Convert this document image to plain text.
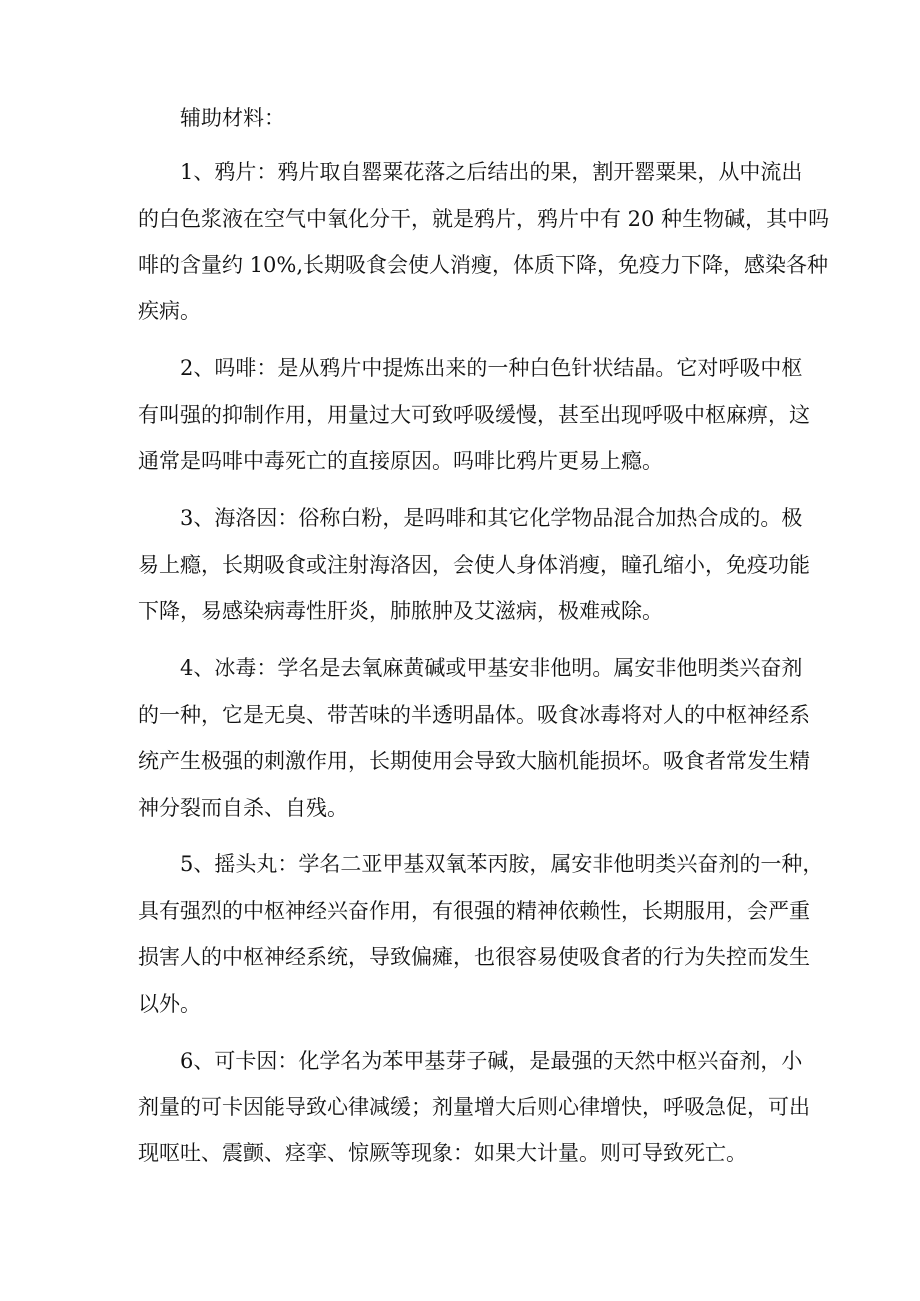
辅助材料：
1、鸦片：鸦片取自罂粟花落之后结出的果，割开罂粟果，从中流出
的白色浆液在空气中氧化分干，就是鸦片，鸦片中有 20 种生物碱，其中吗
啡的含量约 10%,长期吸食会使人消瘦，体质下降，免疫力下降，感染各种
疾病。
2、吗啡：是从鸦片中提炼出来的一种白色针状结晶。它对呼吸中枢
有叫强的抑制作用，用量过大可致呼吸缓慢，甚至出现呼吸中枢麻痹，这
通常是吗啡中毒死亡的直接原因。吗啡比鸦片更易上瘾。
3、海洛因：俗称白粉，是吗啡和其它化学物品混合加热合成的。极
易上瘾，长期吸食或注射海洛因，会使人身体消瘦，瞳孔缩小，免疫功能
下降，易感染病毒性肝炎，肺脓肿及艾滋病，极难戒除。
4、冰毒：学名是去氧麻黄碱或甲基安非他明。属安非他明类兴奋剂
的一种，它是无臭、带苦味的半透明晶体。吸食冰毒将对人的中枢神经系
统产生极强的刺激作用，长期使用会导致大脑机能损坏。吸食者常发生精
神分裂而自杀、自残。
5、摇头丸：学名二亚甲基双氧苯丙胺，属安非他明类兴奋剂的一种，
具有强烈的中枢神经兴奋作用，有很强的精神依赖性，长期服用，会严重
损害人的中枢神经系统，导致偏瘫，也很容易使吸食者的行为失控而发生
以外。
6、可卡因：化学名为苯甲基芽子碱，是最强的天然中枢兴奋剂，小
剂量的可卡因能导致心律减缓；剂量增大后则心律增快，呼吸急促，可出
现呕吐、震颤、痉挛、惊厥等现象：如果大计量。则可导致死亡。
